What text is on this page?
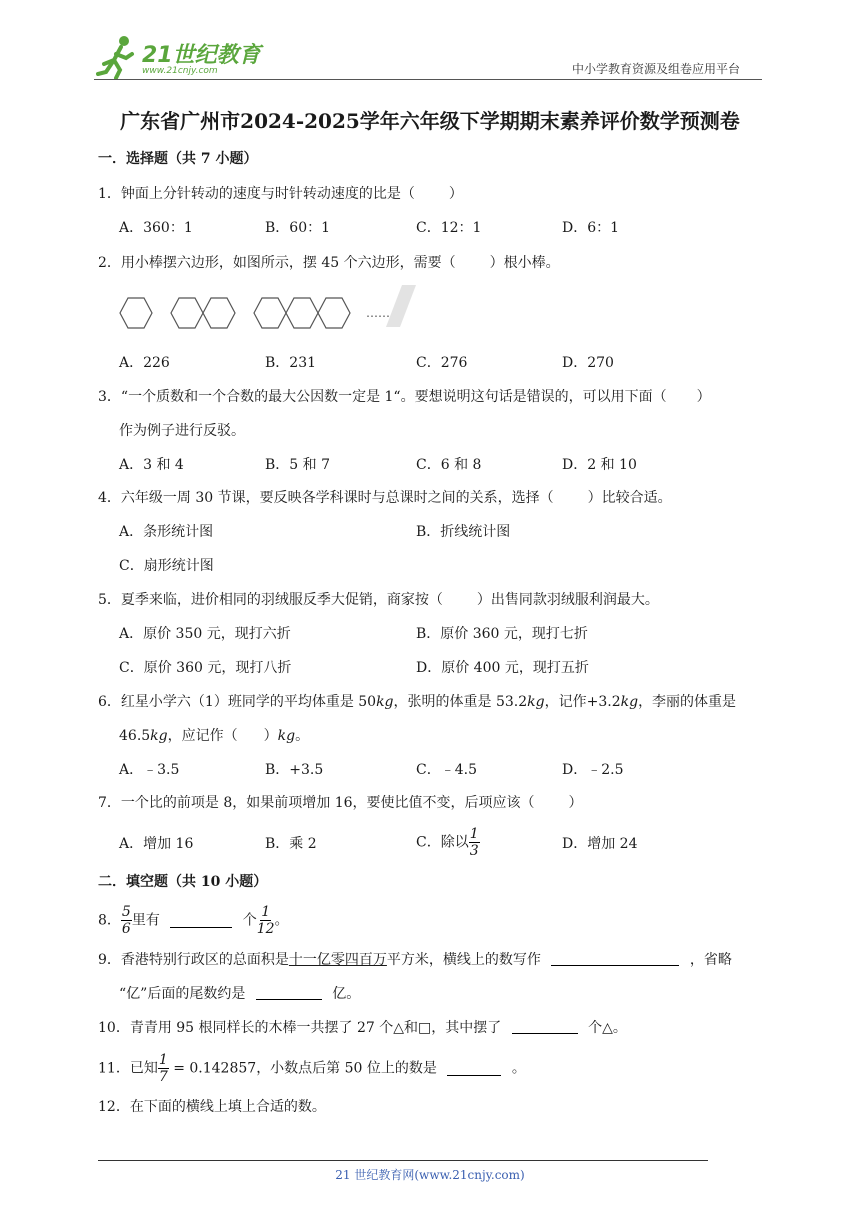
21世纪教育
www.21cnjy.com	中小学教育资源及组卷应用平台
广东省广州市2024-2025学年六年级下学期期末素养评价数学预测卷
一．选择题（共 7 小题）
1．钟面上分针转动的速度与时针转动速度的比是（ ）
A．360：1	B．60：1	C．12：1	D．6：1
2．用小棒摆六边形，如图所示，摆 45 个六边形，需要（ ）根小棒。
……
A．226	B．231	C．276	D．270
3．“一个质数和一个合数的最大公因数一定是 1“。要想说明这句话是错误的，可以用下面（ ）
作为例子进行反驳。
A．3 和 4	B．5 和 7	C．6 和 8	D．2 和 10
4．六年级一周 30 节课，要反映各学科课时与总课时之间的关系，选择（ ）比较合适。
A．条形统计图	B．折线统计图
C．扇形统计图
5．夏季来临，进价相同的羽绒服反季大促销，商家按（ ）出售同款羽绒服利润最大。
A．原价 350 元，现打六折	B．原价 360 元，现打七折
C．原价 360 元，现打八折	D．原价 400 元，现打五折
6．红星小学六（1）班同学的平均体重是 50kg，张明的体重是 53.2kg，记作+3.2kg，李丽的体重是
46.5kg，应记作（ ）kg。
A．﹣3.5	B．+3.5	C．﹣4.5	D．﹣2.5
7．一个比的前项是 8，如果前项增加 16，要使比值不变，后项应该（ ）
A．增加 16	B．乘 2	C．除以 $\frac{1}{3}$	D．增加 24
二．填空题（共 10 小题）
8． $\frac{5}{6}$ 里有	个 $\frac{1}{12}$ 。
9．香港特别行政区的总面积是十一亿零四百万平方米，横线上的数写作	，省略
“亿”后面的尾数约是	亿。
10．青青用 95 根同样长的木棒一共摆了 27 个△和□，其中摆了	个△。
11．已知 $\frac{1}{7} = 0.142857$，小数点后第 50 位上的数是	。
12．在下面的横线上填上合适的数。
21 世纪教育网(www.21cnjy.com)
